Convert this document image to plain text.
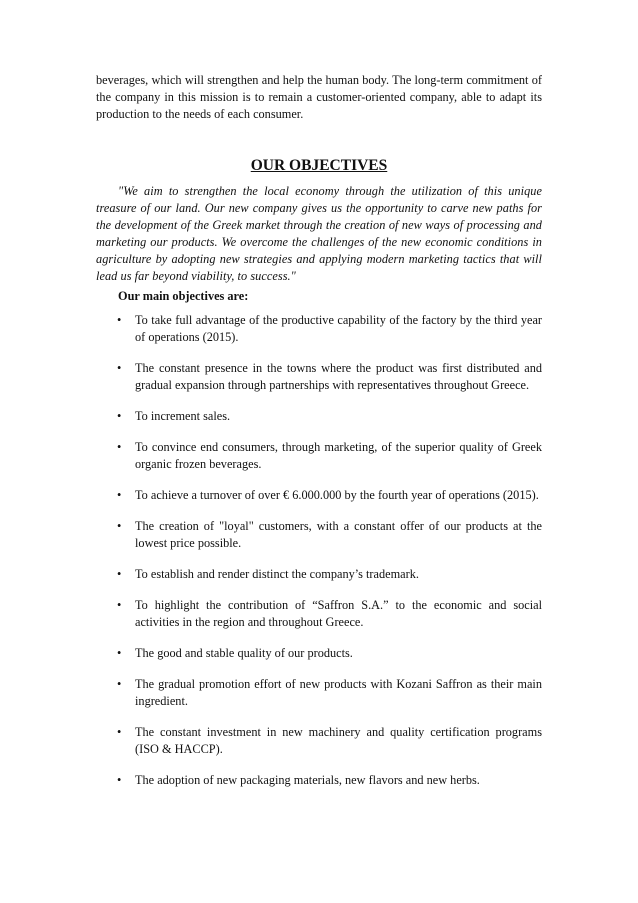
beverages, which will strengthen and help the human body. The long-term commitment of the company in this mission is to remain a customer-oriented company, able to adapt its production to the needs of each consumer.

OUR OBJECTIVES

"We aim to strengthen the local economy through the utilization of this unique treasure of our land. Our new company gives us the opportunity to carve new paths for the development of the Greek market through the creation of new ways of processing and marketing our products. We overcome the challenges of the new economic conditions in agriculture by adopting new strategies and applying modern marketing tactics that will lead us far beyond viability, to success."

Our main objectives are:

•	To take full advantage of the productive capability of the factory by the third year of operations (2015).
•	The constant presence in the towns where the product was first distributed and gradual expansion through partnerships with representatives throughout Greece.
•	To increment sales.
•	To convince end consumers, through marketing, of the superior quality of Greek organic frozen beverages.
•	To achieve a turnover of over € 6.000.000 by the fourth year of operations (2015).
•	The creation of "loyal" customers, with a constant offer of our products at the lowest price possible.
•	To establish and render distinct the company’s trademark.
•	To highlight the contribution of “Saffron S.A.” to the economic and social activities in the region and throughout Greece.
•	The good and stable quality of our products.
•	The gradual promotion effort of new products with Kozani Saffron as their main ingredient.
•	The constant investment in new machinery and quality certification programs (ISO & HACCP).
•	The adoption of new packaging materials, new flavors and new herbs.
